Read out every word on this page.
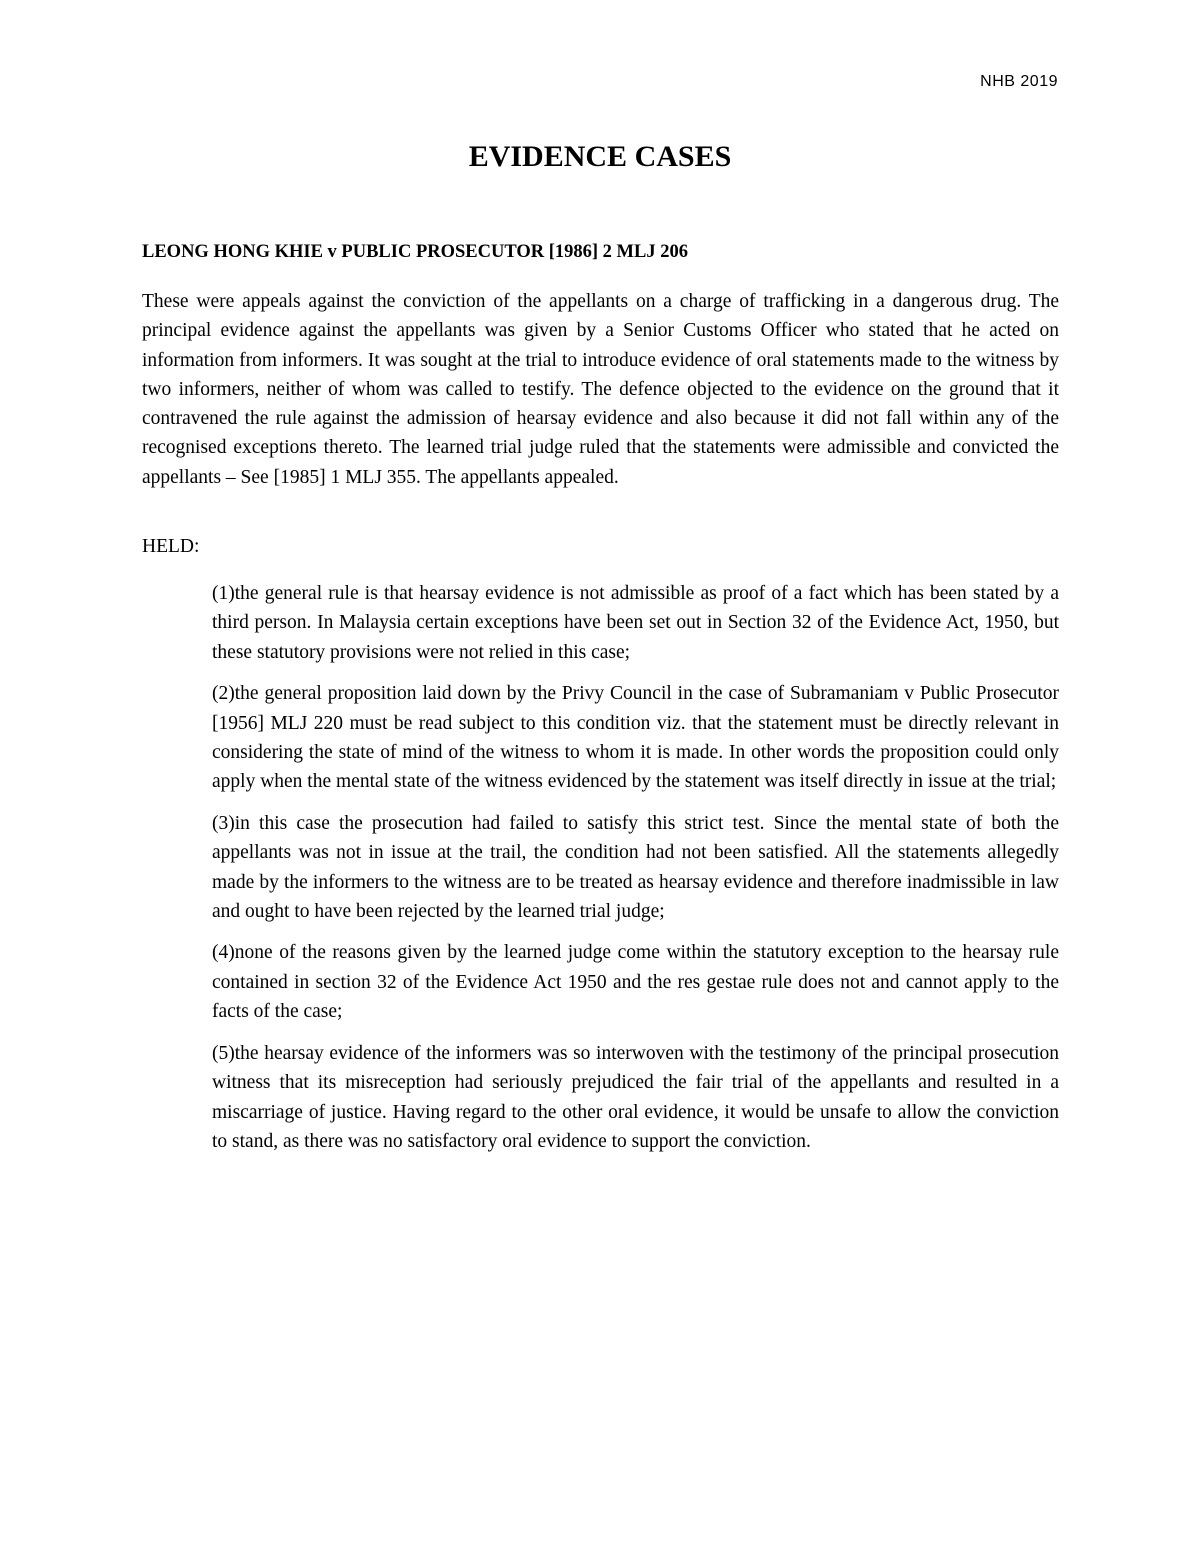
NHB 2019
EVIDENCE CASES
LEONG HONG KHIE v PUBLIC PROSECUTOR [1986] 2 MLJ 206

These were appeals against the conviction of the appellants on a charge of trafficking in a dangerous drug. The principal evidence against the appellants was given by a Senior Customs Officer who stated that he acted on information from informers. It was sought at the trial to introduce evidence of oral statements made to the witness by two informers, neither of whom was called to testify. The defence objected to the evidence on the ground that it contravened the rule against the admission of hearsay evidence and also because it did not fall within any of the recognised exceptions thereto. The learned trial judge ruled that the statements were admissible and convicted the appellants – See [1985] 1 MLJ 355. The appellants appealed.

HELD:

(1)the general rule is that hearsay evidence is not admissible as proof of a fact which has been stated by a third person. In Malaysia certain exceptions have been set out in Section 32 of the Evidence Act, 1950, but these statutory provisions were not relied in this case;
(2)the general proposition laid down by the Privy Council in the case of Subramaniam v Public Prosecutor [1956] MLJ 220 must be read subject to this condition viz. that the statement must be directly relevant in considering the state of mind of the witness to whom it is made. In other words the proposition could only apply when the mental state of the witness evidenced by the statement was itself directly in issue at the trial;
(3)in this case the prosecution had failed to satisfy this strict test. Since the mental state of both the appellants was not in issue at the trail, the condition had not been satisfied. All the statements allegedly made by the informers to the witness are to be treated as hearsay evidence and therefore inadmissible in law and ought to have been rejected by the learned trial judge;
(4)none of the reasons given by the learned judge come within the statutory exception to the hearsay rule contained in section 32 of the Evidence Act 1950 and the res gestae rule does not and cannot apply to the facts of the case;
(5)the hearsay evidence of the informers was so interwoven with the testimony of the principal prosecution witness that its misreception had seriously prejudiced the fair trial of the appellants and resulted in a miscarriage of justice. Having regard to the other oral evidence, it would be unsafe to allow the conviction to stand, as there was no satisfactory oral evidence to support the conviction.
